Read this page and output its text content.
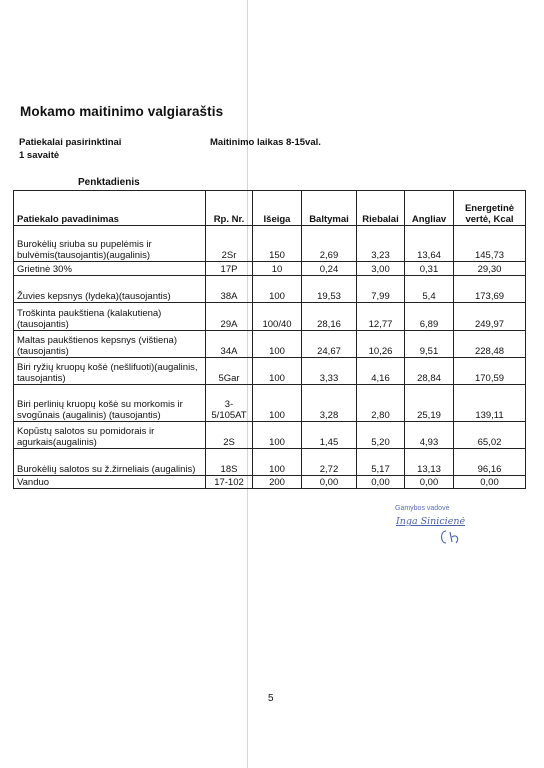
Mokamo maitinimo valgiaraštis
Patiekalai pasirinktinai
1 savaitė
Maitinimo laikas 8-15val.
Penktadienis
Patiekalo pavadinimas	Rp. Nr.	Išeiga	Baltymai	Riebalai	Angliav	Energetinė vertė, Kcal
Burokėlių sriuba su pupelėmis ir bulvėmis(tausojantis)(augalinis)	2Sr	150	2,69	3,23	13,64	145,73
Grietinė 30%	17P	10	0,24	3,00	0,31	29,30
Žuvies kepsnys (lydeka)(tausojantis)	38A	100	19,53	7,99	5,4	173,69
Troškinta paukštiena (kalakutiena)(tausojantis)	29A	100/40	28,16	12,77	6,89	249,97
Maltas paukštienos kepsnys (vištiena)(tausojantis)	34A	100	24,67	10,26	9,51	228,48
Biri ryžių kruopų košė (nešlifuoti)(augalinis, tausojantis)	5Gar	100	3,33	4,16	28,84	170,59
Biri perlinių kruopų košė su morkomis ir svogūnais (augalinis) (tausojantis)	3-5/105AT	100	3,28	2,80	25,19	139,11
Kopūstų salotos su pomidorais ir agurkais(augalinis)	2S	100	1,45	5,20	4,93	65,02
Burokėlių salotos su ž.žirneliais (augalinis)	18S	100	2,72	5,17	13,13	96,16
Vanduo	17-102	200	0,00	0,00	0,00	0,00
Gamybos vadovė
Inga Sinicienė
5
